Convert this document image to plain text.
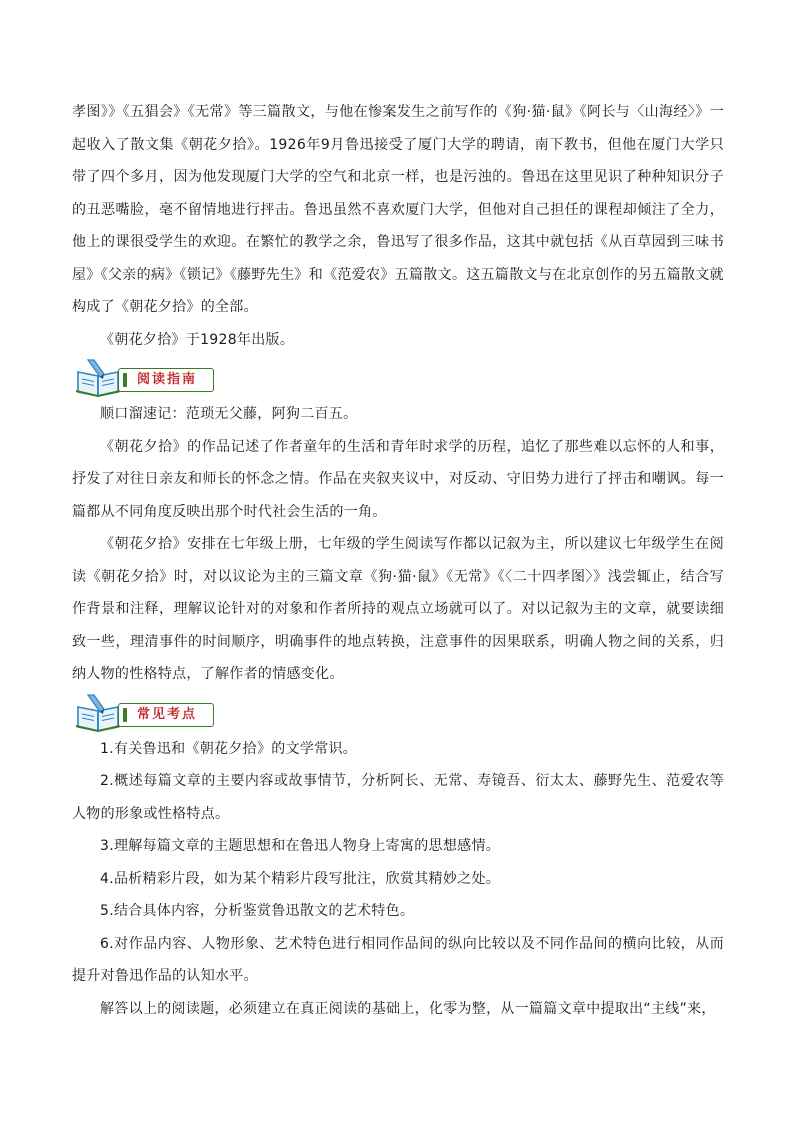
孝图》》《五猖会》《无常》等三篇散文，与他在惨案发生之前写作的《狗·猫·鼠》《阿长与〈山海经〉》一起收入了散文集《朝花夕拾》。1926年9月鲁迅接受了厦门大学的聘请，南下教书，但他在厦门大学只带了四个多月，因为他发现厦门大学的空气和北京一样，也是污浊的。鲁迅在这里见识了种种知识分子的丑恶嘴脸，毫不留情地进行抨击。鲁迅虽然不喜欢厦门大学，但他对自己担任的课程却倾注了全力，他上的课很受学生的欢迎。在繁忙的教学之余，鲁迅写了很多作品，这其中就包括《从百草园到三味书屋》《父亲的病》《锁记》《藤野先生》和《范爱农》五篇散文。这五篇散文与在北京创作的另五篇散文就构成了《朝花夕拾》的全部。

《朝花夕拾》于1928年出版。

阅读指南

顺口溜速记：范琐无父藤，阿狗二百五。

《朝花夕拾》的作品记述了作者童年的生活和青年时求学的历程，追忆了那些难以忘怀的人和事，抒发了对往日亲友和师长的怀念之情。作品在夹叙夹议中，对反动、守旧势力进行了抨击和嘲讽。每一篇都从不同角度反映出那个时代社会生活的一角。

《朝花夕拾》安排在七年级上册，七年级的学生阅读写作都以记叙为主，所以建议七年级学生在阅读《朝花夕拾》时，对以议论为主的三篇文章《狗·猫·鼠》《无常》《〈二十四孝图〉》浅尝辄止，结合写作背景和注释，理解议论针对的对象和作者所持的观点立场就可以了。对以记叙为主的文章，就要读细致一些，理清事件的时间顺序，明确事件的地点转换，注意事件的因果联系，明确人物之间的关系，归纳人物的性格特点，了解作者的情感变化。

常见考点

1.有关鲁迅和《朝花夕拾》的文学常识。

2.概述每篇文章的主要内容或故事情节，分析阿长、无常、寿镜吾、衍太太、藤野先生、范爱农等人物的形象或性格特点。

3.理解每篇文章的主题思想和在鲁迅人物身上寄寓的思想感情。

4.品析精彩片段，如为某个精彩片段写批注，欣赏其精妙之处。

5.结合具体内容，分析鉴赏鲁迅散文的艺术特色。

6.对作品内容、人物形象、艺术特色进行相同作品间的纵向比较以及不同作品间的横向比较，从而提升对鲁迅作品的认知水平。

解答以上的阅读题，必须建立在真正阅读的基础上，化零为整，从一篇篇文章中提取出“主线”来，
